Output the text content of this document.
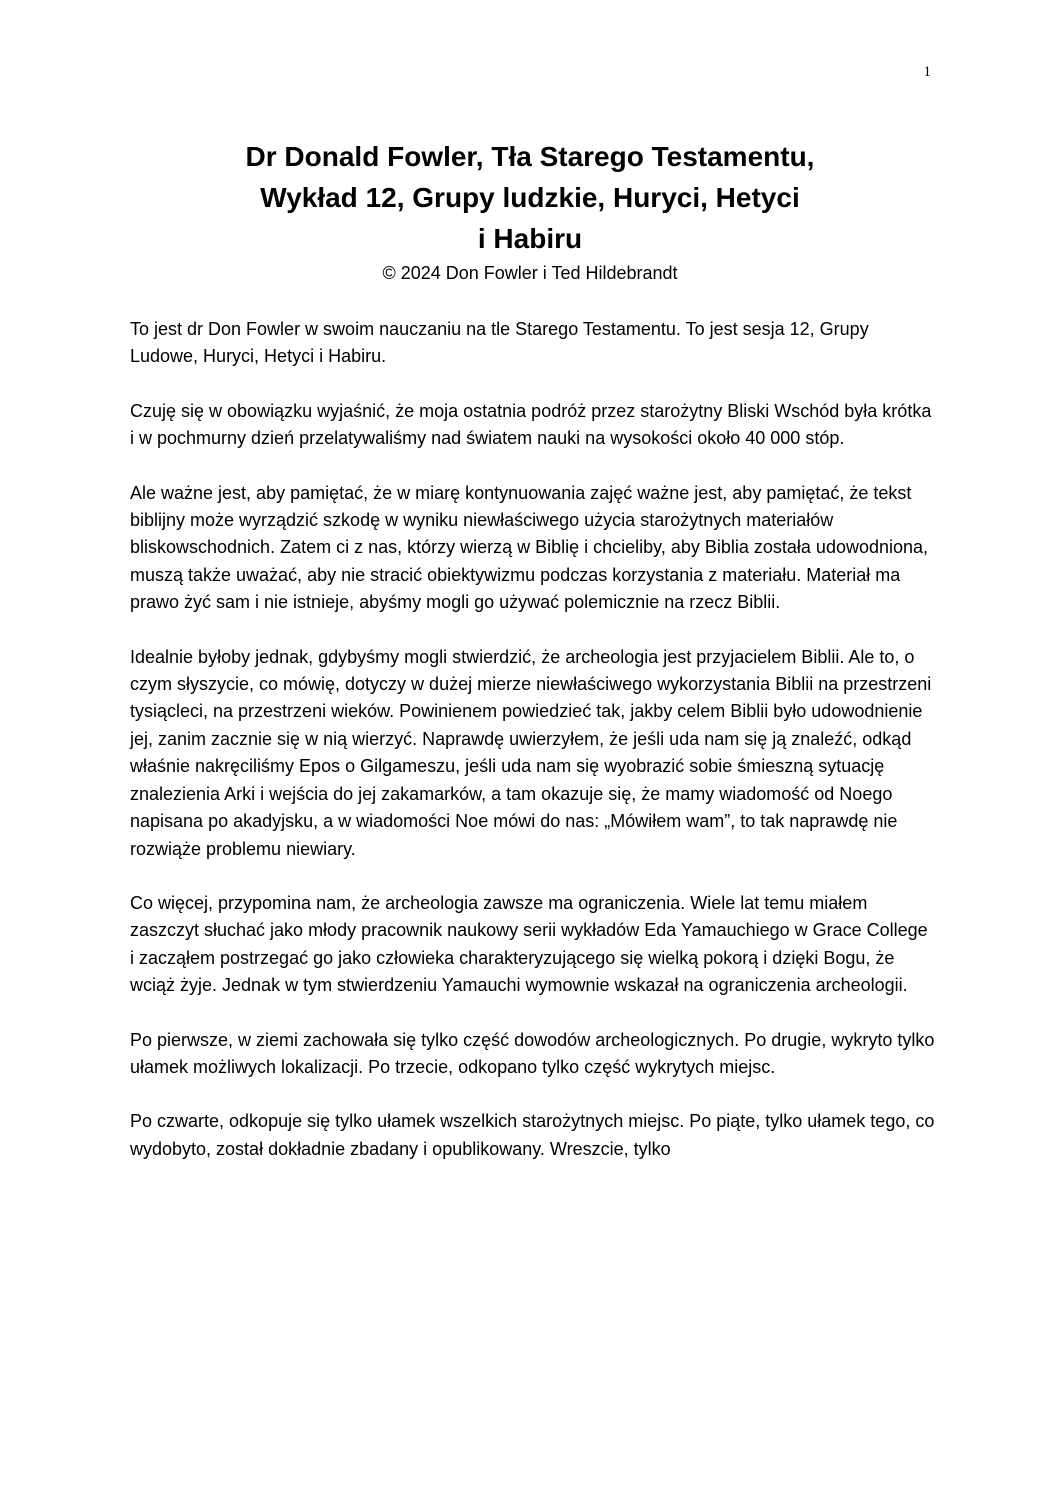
1

Dr Donald Fowler, Tła Starego Testamentu,

Wykład 12, Grupy ludzkie, Huryci, Hetyci

i Habiru

© 2024 Don Fowler i Ted Hildebrandt

To jest dr Don Fowler w swoim nauczaniu na tle Starego Testamentu. To jest sesja 12, Grupy Ludowe, Huryci, Hetyci i Habiru.

Czuję się w obowiązku wyjaśnić, że moja ostatnia podróż przez starożytny Bliski Wschód była krótka i w pochmurny dzień przelatywaliśmy nad światem nauki na wysokości około 40 000 stóp.

Ale ważne jest, aby pamiętać, że w miarę kontynuowania zajęć ważne jest, aby pamiętać, że tekst biblijny może wyrządzić szkodę w wyniku niewłaściwego użycia starożytnych materiałów bliskowschodnich. Zatem ci z nas, którzy wierzą w Biblię i chcieliby, aby Biblia została udowodniona, muszą także uważać, aby nie stracić obiektywizmu podczas korzystania z materiału. Materiał ma prawo żyć sam i nie istnieje, abyśmy mogli go używać polemicznie na rzecz Biblii.

Idealnie byłoby jednak, gdybyśmy mogli stwierdzić, że archeologia jest przyjacielem Biblii. Ale to, o czym słyszycie, co mówię, dotyczy w dużej mierze niewłaściwego wykorzystania Biblii na przestrzeni tysiącleci, na przestrzeni wieków. Powinienem powiedzieć tak, jakby celem Biblii było udowodnienie jej, zanim zacznie się w nią wierzyć. Naprawdę uwierzyłem, że jeśli uda nam się ją znaleźć, odkąd właśnie nakręciliśmy Epos o Gilgameszu, jeśli uda nam się wyobrazić sobie śmieszną sytuację znalezienia Arki i wejścia do jej zakamarków, a tam okazuje się, że mamy wiadomość od Noego napisana po akadyjsku, a w wiadomości Noe mówi do nas: „Mówiłem wam”, to tak naprawdę nie rozwiąże problemu niewiary.

Co więcej, przypomina nam, że archeologia zawsze ma ograniczenia. Wiele lat temu miałem zaszczyt słuchać jako młody pracownik naukowy serii wykładów Eda Yamauchiego w Grace College i zacząłem postrzegać go jako człowieka charakteryzującego się wielką pokorą i dzięki Bogu, że wciąż żyje. Jednak w tym stwierdzeniu Yamauchi wymownie wskazał na ograniczenia archeologii.

Po pierwsze, w ziemi zachowała się tylko część dowodów archeologicznych. Po drugie, wykryto tylko ułamek możliwych lokalizacji. Po trzecie, odkopano tylko część wykrytych miejsc.

Po czwarte, odkopuje się tylko ułamek wszelkich starożytnych miejsc. Po piąte, tylko ułamek tego, co wydobyto, został dokładnie zbadany i opublikowany. Wreszcie, tylko
